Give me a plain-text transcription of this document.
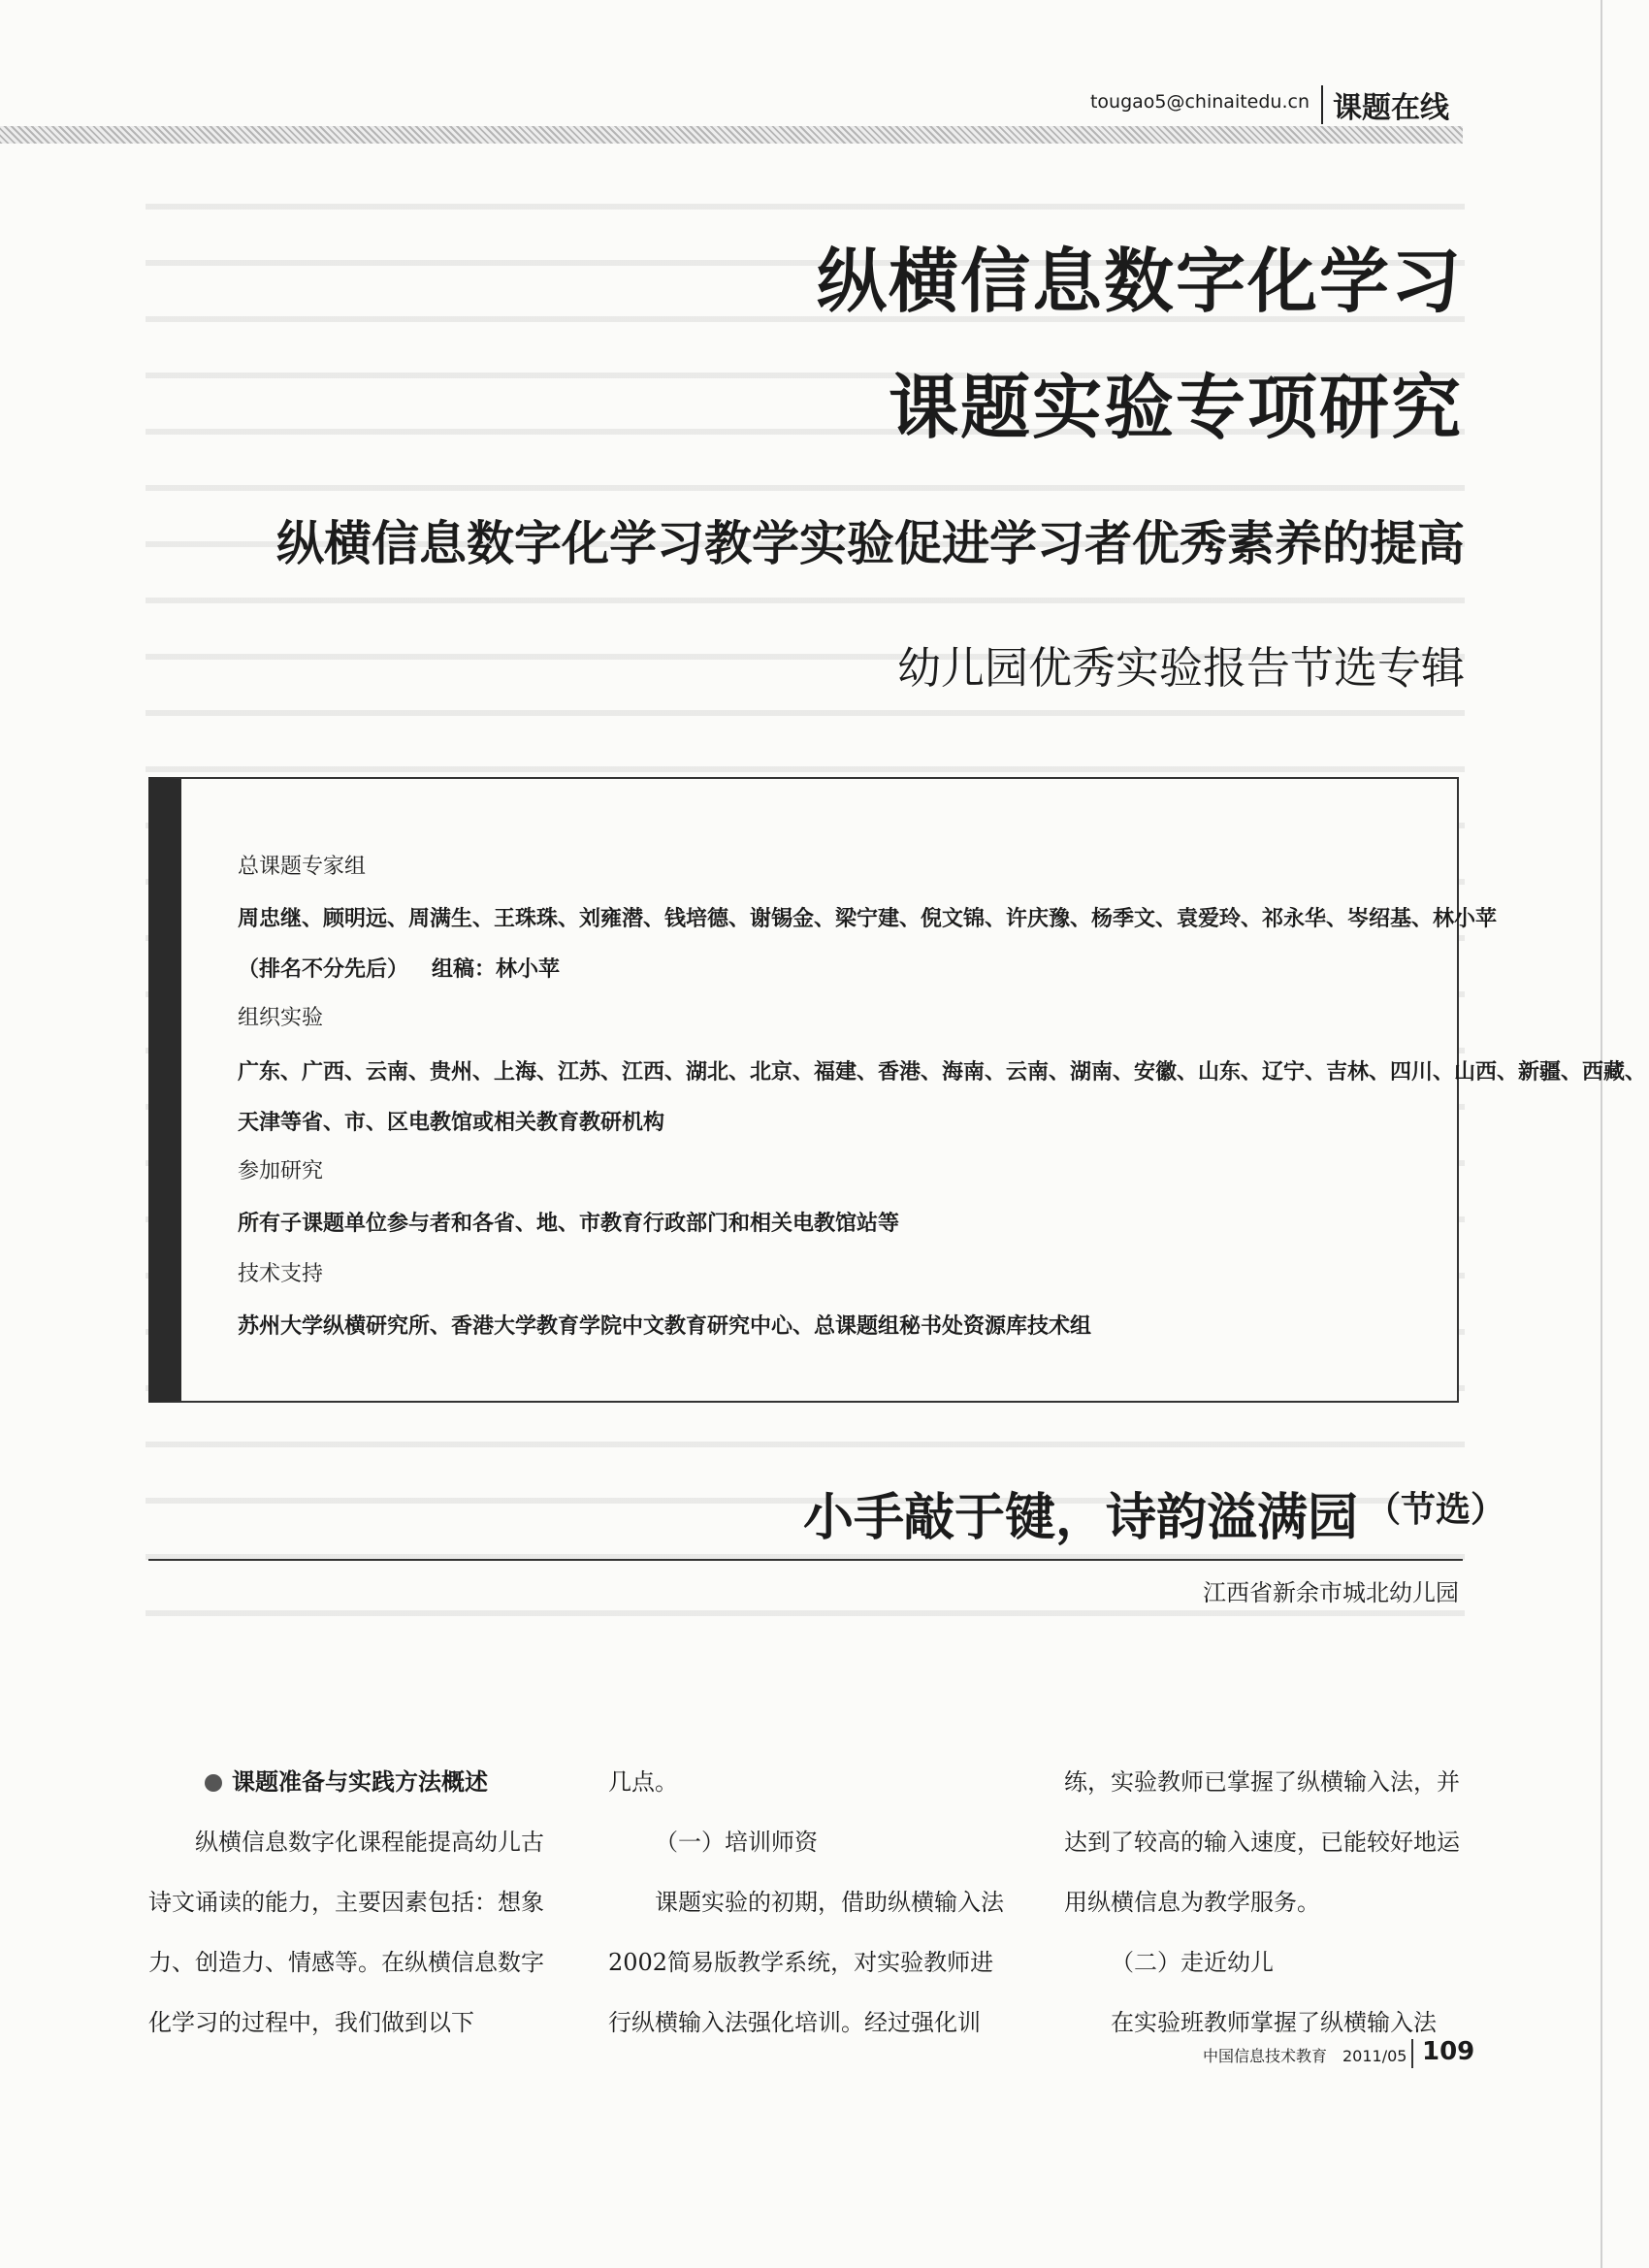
tougao5@chinaitedu.cn 课题在线
纵横信息数字化学习
课题实验专项研究
纵横信息数字化学习教学实验促进学习者优秀素养的提高
幼儿园优秀实验报告节选专辑
总课题专家组
周忠继、顾明远、周满生、王珠珠、刘雍潜、钱培德、谢锡金、梁宁建、倪文锦、许庆豫、杨季文、袁爱玲、祁永华、岑绍基、林小苹
（排名不分先后） 组稿：林小苹
组织实验
广东、广西、云南、贵州、上海、江苏、江西、湖北、北京、福建、香港、海南、云南、湖南、安徽、山东、辽宁、吉林、四川、山西、新疆、西藏、
天津等省、市、区电教馆或相关教育教研机构
参加研究
所有子课题单位参与者和各省、地、市教育行政部门和相关电教馆站等
技术支持
苏州大学纵横研究所、香港大学教育学院中文教育研究中心、总课题组秘书处资源库技术组
小手敲于键，诗韵溢满园 （节选）
江西省新余市城北幼儿园

课题准备与实践方法概述

纵横信息数字化课程能提高幼儿古诗文诵读的能力，主要因素包括：想象力、创造力、情感等。在纵横信息数字化学习的过程中，我们做到以下

几点。

（一）培训师资

课题实验的初期，借助纵横输入法2002简易版教学系统，对实验教师进行纵横输入法强化培训。经过强化训

练，实验教师已掌握了纵横输入法，并达到了较高的输入速度，已能较好地运用纵横信息为教学服务。

（二）走近幼儿

在实验班教师掌握了纵横输入法

中国信息技术教育　2011/05 109
